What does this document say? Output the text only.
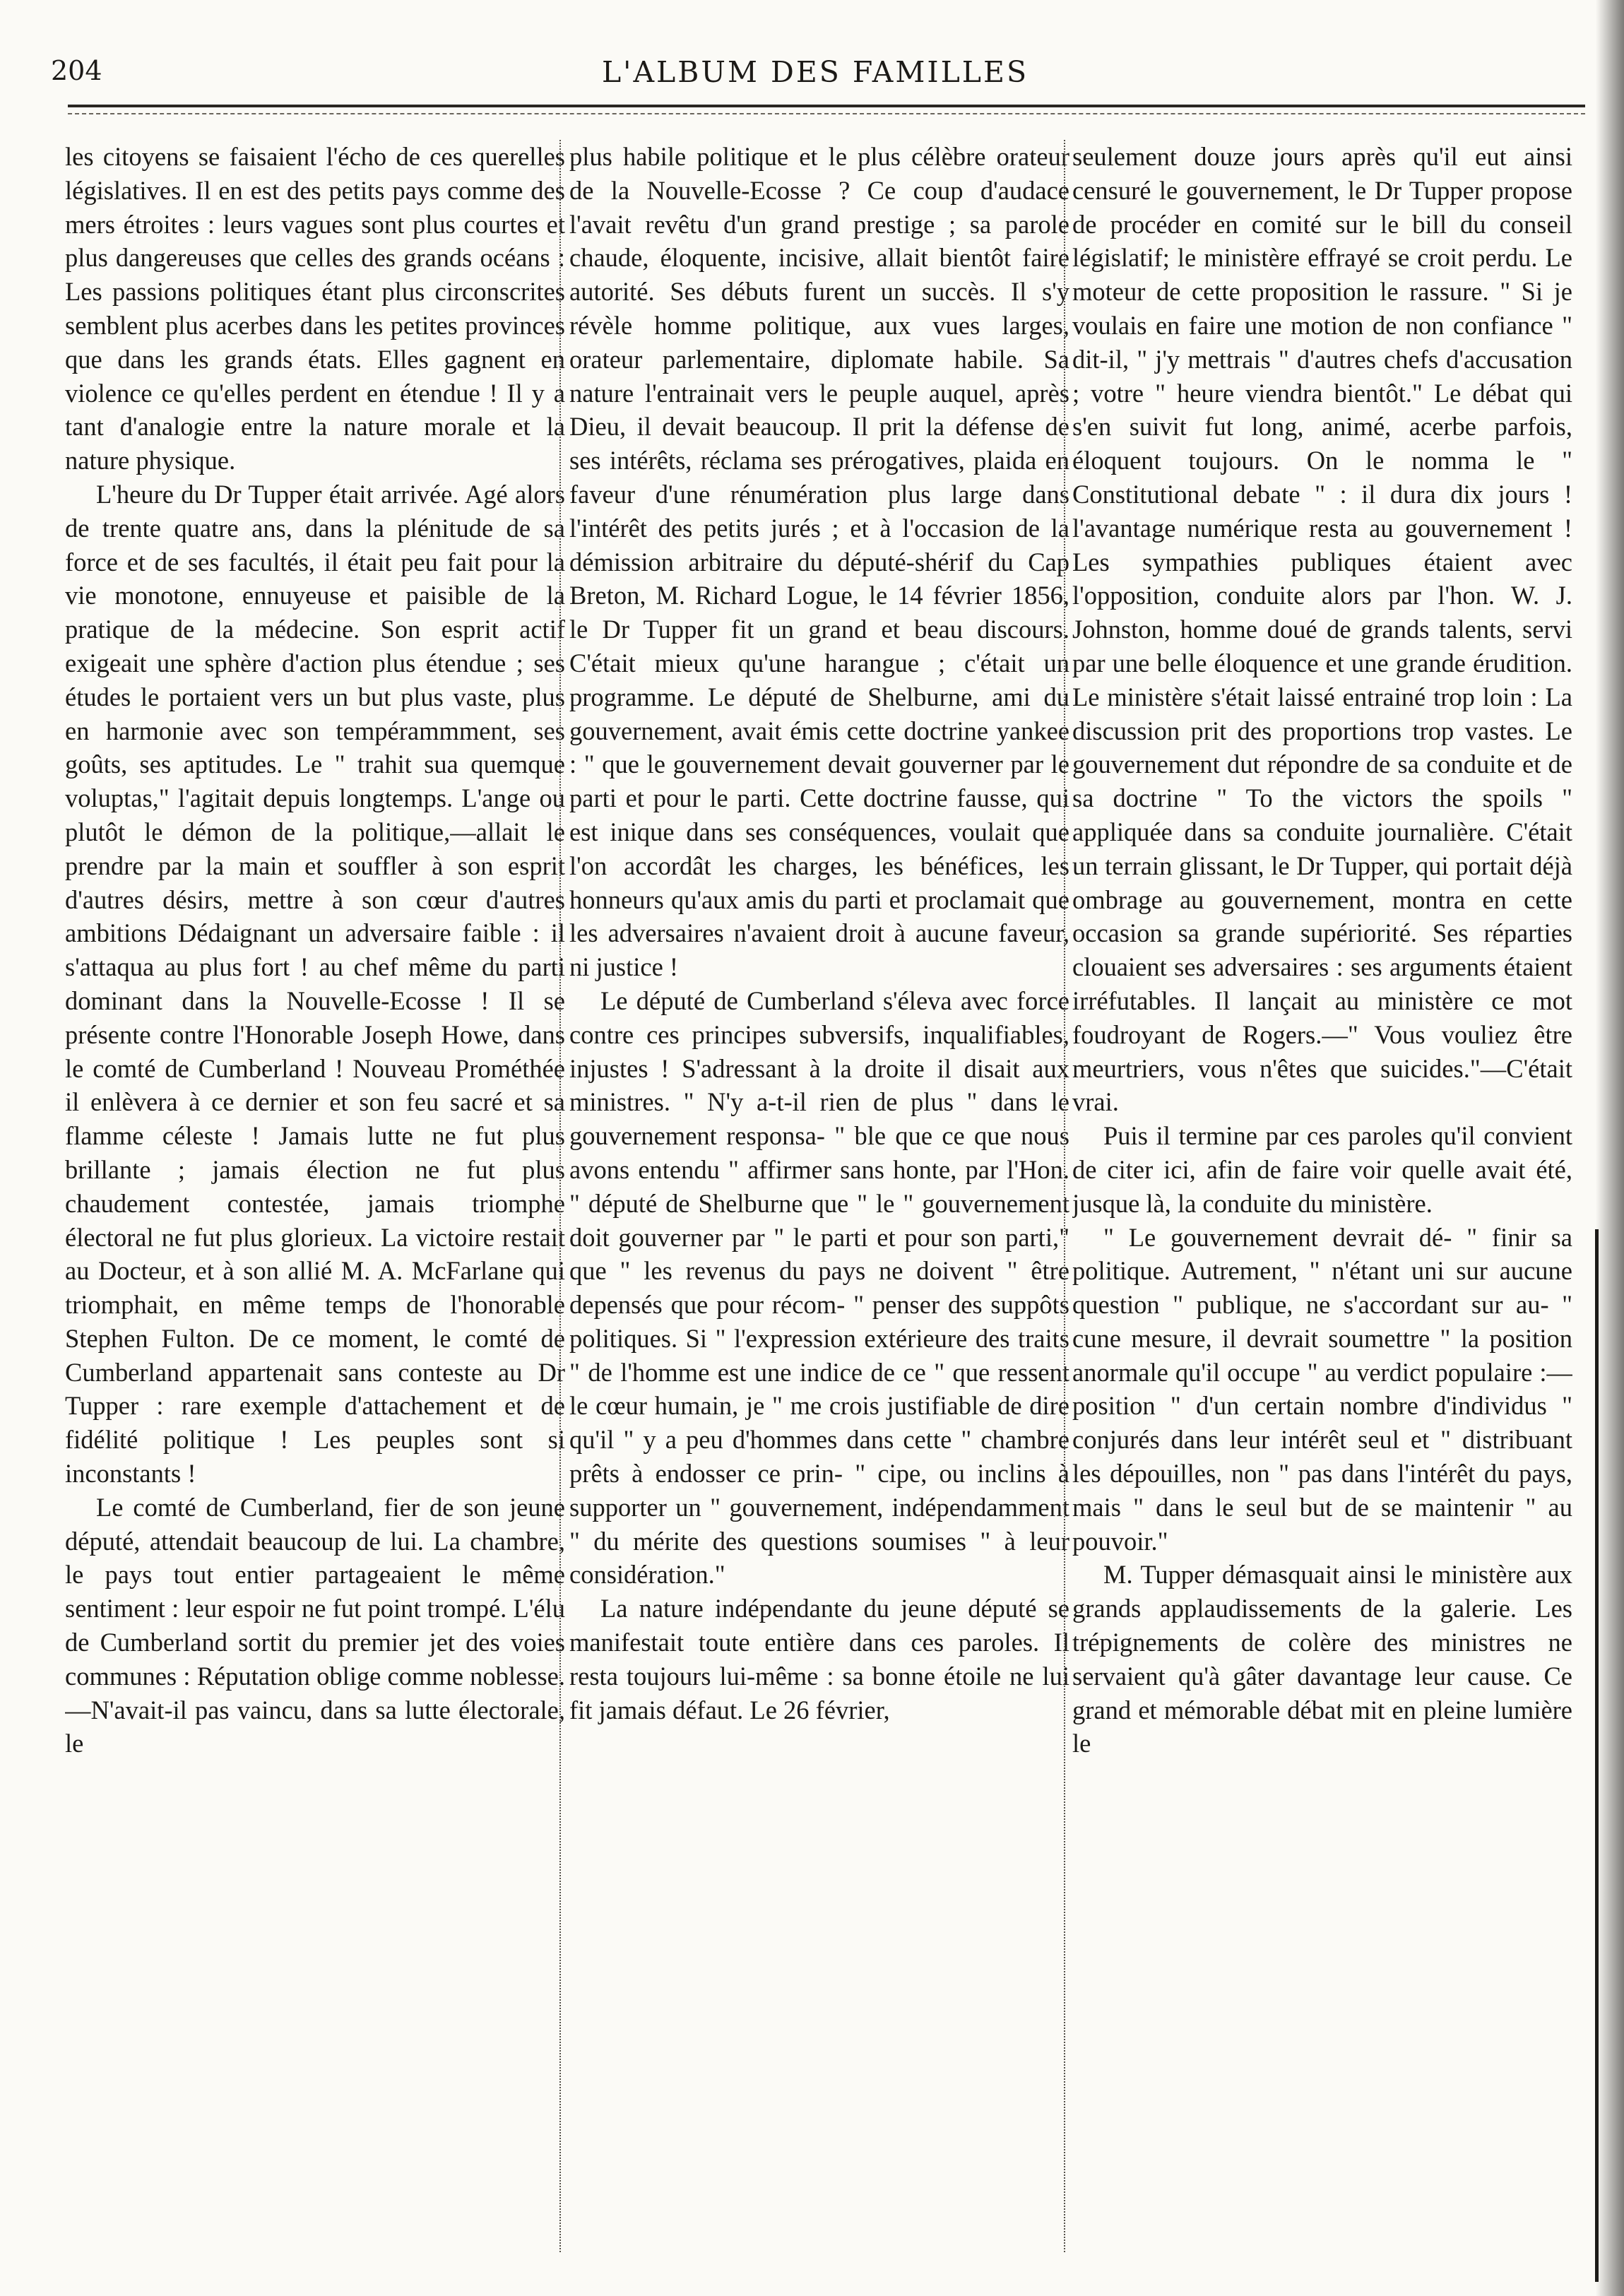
204	L'ALBUM DES FAMILLES

les citoyens se faisaient l'écho de ces querelles législatives. Il en est des petits pays comme des mers étroites : leurs vagues sont plus courtes et plus dangereuses que celles des grands océans : Les passions politiques étant plus circonscrites semblent plus acerbes dans les petites provinces que dans les grands états. Elles gagnent en violence ce qu'elles perdent en étendue ! Il y a tant d'analogie entre la nature morale et la nature physique.

L'heure du Dr Tupper était arrivée. Agé alors de trente quatre ans, dans la plénitude de sa force et de ses facultés, il était peu fait pour la vie monotone, ennuyeuse et paisible de la pratique de la médecine. Son esprit actif exigeait une sphère d'action plus étendue ; ses études le portaient vers un but plus vaste, plus en harmonie avec son tempérammment, ses goûts, ses aptitudes. Le " trahit sua quemque voluptas," l'agitait depuis longtemps. L'ange ou plutôt le démon de la politique,—allait le prendre par la main et souffler à son esprit d'autres désirs, mettre à son cœur d'autres ambitions Dédaignant un adversaire faible : il s'attaqua au plus fort ! au chef même du parti dominant dans la Nouvelle-Ecosse ! Il se présente contre l'Honorable Joseph Howe, dans le comté de Cumberland ! Nouveau Prométhée il enlèvera à ce dernier et son feu sacré et sa flamme céleste ! Jamais lutte ne fut plus brillante ; jamais élection ne fut plus chaudement contestée, jamais triomphe électoral ne fut plus glorieux. La victoire restait au Docteur, et à son allié M. A. McFarlane qui triomphait, en même temps de l'honorable Stephen Fulton. De ce moment, le comté de Cumberland appartenait sans conteste au Dr Tupper : rare exemple d'attachement et de fidélité politique ! Les peuples sont si inconstants !

Le comté de Cumberland, fier de son jeune député, attendait beaucoup de lui. La chambre, le pays tout entier partageaient le même sentiment : leur espoir ne fut point trompé. L'élu de Cumberland sortit du premier jet des voies communes : Réputation oblige comme noblesse.—N'avait-il pas vaincu, dans sa lutte électorale, le

plus habile politique et le plus célèbre orateur de la Nouvelle-Ecosse ? Ce coup d'audace l'avait revêtu d'un grand prestige ; sa parole chaude, éloquente, incisive, allait bientôt faire autorité. Ses débuts furent un succès. Il s'y révèle homme politique, aux vues larges, orateur parlementaire, diplomate habile. Sa nature l'entrainait vers le peuple auquel, après Dieu, il devait beaucoup. Il prit la défense de ses intérêts, réclama ses prérogatives, plaida en faveur d'une rénumération plus large dans l'intérêt des petits jurés ; et à l'occasion de la démission arbitraire du député-shérif du Cap Breton, M. Richard Logue, le 14 février 1856, le Dr Tupper fit un grand et beau discours. C'était mieux qu'une harangue ; c'était un programme. Le député de Shelburne, ami du gouvernement, avait émis cette doctrine yankee : " que le gouvernement devait gouverner par le parti et pour le parti. Cette doctrine fausse, qui est inique dans ses conséquences, voulait que l'on accordât les charges, les bénéfices, les honneurs qu'aux amis du parti et proclamait que les adversaires n'avaient droit à aucune faveur, ni justice !

Le député de Cumberland s'éleva avec force contre ces principes subversifs, inqualifiables, injustes ! S'adressant à la droite il disait aux ministres. " N'y a-t-il rien de plus " dans le gouvernement responsa- " ble que ce que nous avons entendu " affirmer sans honte, par l'Hon. " député de Shelburne que " le " gouvernement doit gouverner par " le parti et pour son parti," que " les revenus du pays ne doivent " être depensés que pour récom- " penser des suppôts politiques. Si " l'expression extérieure des traits " de l'homme est une indice de ce " que ressent le cœur humain, je " me crois justifiable de dire qu'il " y a peu d'hommes dans cette " chambre prêts à endosser ce prin- " cipe, ou inclins à supporter un " gouvernement, indépendamment " du mérite des questions soumises " à leur considération."

La nature indépendante du jeune député se manifestait toute entière dans ces paroles. Il resta toujours lui-même : sa bonne étoile ne lui fit jamais défaut. Le 26 février,

seulement douze jours après qu'il eut ainsi censuré le gouvernement, le Dr Tupper propose de procéder en comité sur le bill du conseil législatif; le ministère effrayé se croit perdu. Le moteur de cette proposition le rassure. " Si je voulais en faire une motion de non confiance " dit-il, " j'y mettrais " d'autres chefs d'accusation ; votre " heure viendra bientôt." Le débat qui s'en suivit fut long, animé, acerbe parfois, éloquent toujours. On le nomma le " Constitutional debate " : il dura dix jours ! l'avantage numérique resta au gouvernement ! Les sympathies publiques étaient avec l'opposition, conduite alors par l'hon. W. J. Johnston, homme doué de grands talents, servi par une belle éloquence et une grande érudition. Le ministère s'était laissé entrainé trop loin : La discussion prit des proportions trop vastes. Le gouvernement dut répondre de sa conduite et de sa doctrine " To the victors the spoils " appliquée dans sa conduite journalière. C'était un terrain glissant, le Dr Tupper, qui portait déjà ombrage au gouvernement, montra en cette occasion sa grande supériorité. Ses réparties clouaient ses adversaires : ses arguments étaient irréfutables. Il lançait au ministère ce mot foudroyant de Rogers.—" Vous vouliez être meurtriers, vous n'êtes que suicides."—C'était vrai.

Puis il termine par ces paroles qu'il convient de citer ici, afin de faire voir quelle avait été, jusque là, la conduite du ministère.

" Le gouvernement devrait dé- " finir sa politique. Autrement, " n'étant uni sur aucune question " publique, ne s'accordant sur au- " cune mesure, il devrait soumettre " la position anormale qu'il occupe " au verdict populaire :—position " d'un certain nombre d'individus " conjurés dans leur intérêt seul et " distribuant les dépouilles, non " pas dans l'intérêt du pays, mais " dans le seul but de se maintenir " au pouvoir."

M. Tupper démasquait ainsi le ministère aux grands applaudissements de la galerie. Les trépignements de colère des ministres ne servaient qu'à gâter davantage leur cause. Ce grand et mémorable débat mit en pleine lumière le
